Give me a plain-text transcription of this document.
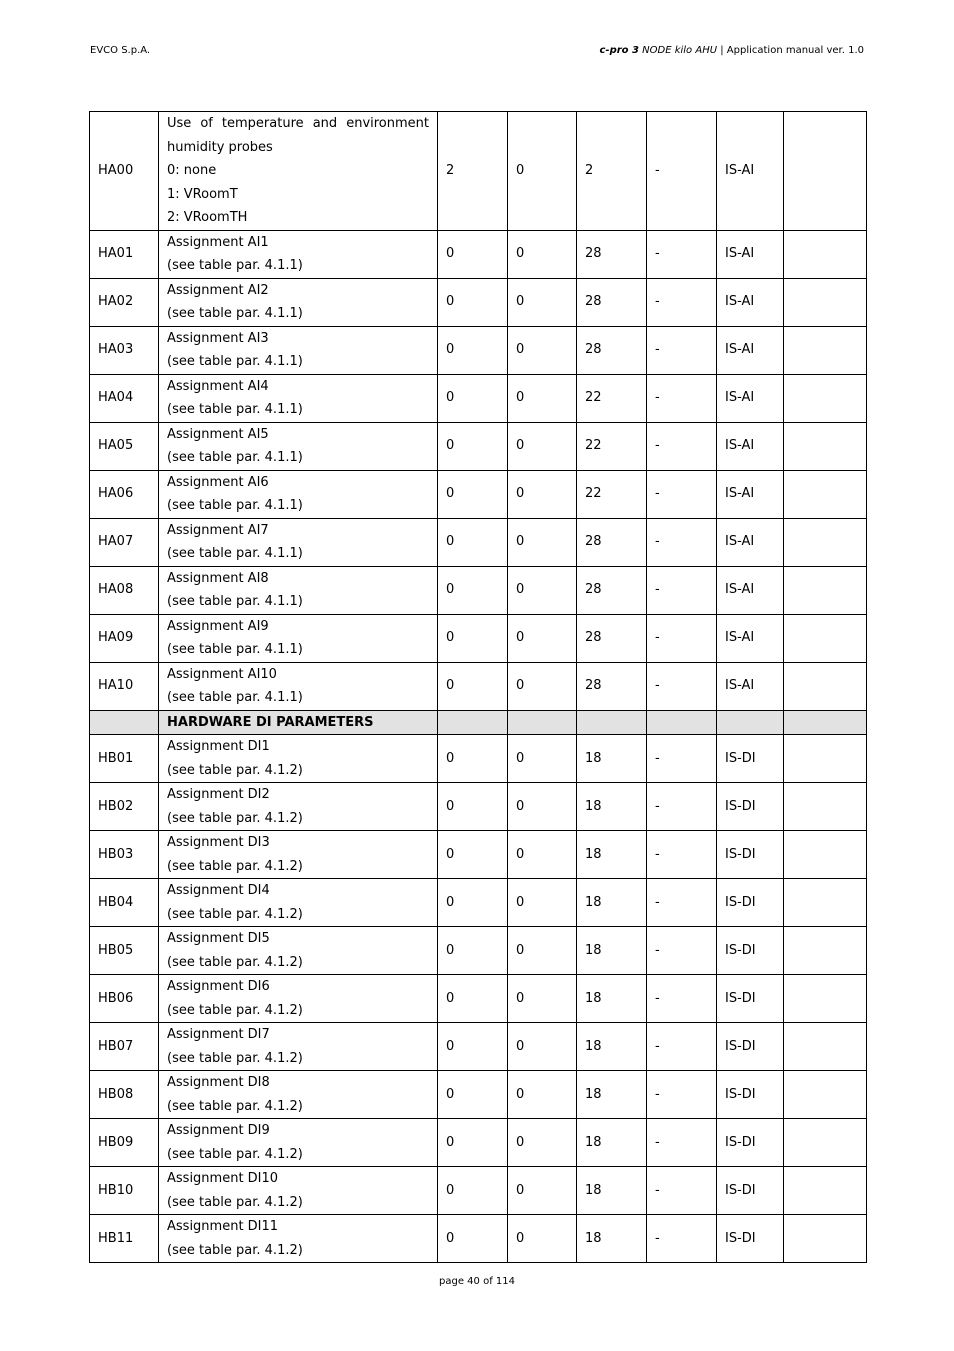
EVCO S.p.A.	c-pro 3 NODE kilo AHU | Application manual ver. 1.0
HA00	Use of temperature and environment
humidity probes
0: none
1: VRoomT
2: VRoomTH	2	0	2	-	IS-AI	
HA01	Assignment AI1
(see table par. 4.1.1)	0	0	28	-	IS-AI	
HA02	Assignment AI2
(see table par. 4.1.1)	0	0	28	-	IS-AI	
HA03	Assignment AI3
(see table par. 4.1.1)	0	0	28	-	IS-AI	
HA04	Assignment AI4
(see table par. 4.1.1)	0	0	22	-	IS-AI	
HA05	Assignment AI5
(see table par. 4.1.1)	0	0	22	-	IS-AI	
HA06	Assignment AI6
(see table par. 4.1.1)	0	0	22	-	IS-AI	
HA07	Assignment AI7
(see table par. 4.1.1)	0	0	28	-	IS-AI	
HA08	Assignment AI8
(see table par. 4.1.1)	0	0	28	-	IS-AI	
HA09	Assignment AI9
(see table par. 4.1.1)	0	0	28	-	IS-AI	
HA10	Assignment AI10
(see table par. 4.1.1)	0	0	28	-	IS-AI	
	HARDWARE DI PARAMETERS						
HB01	Assignment DI1
(see table par. 4.1.2)	0	0	18	-	IS-DI	
HB02	Assignment DI2
(see table par. 4.1.2)	0	0	18	-	IS-DI	
HB03	Assignment DI3
(see table par. 4.1.2)	0	0	18	-	IS-DI	
HB04	Assignment DI4
(see table par. 4.1.2)	0	0	18	-	IS-DI	
HB05	Assignment DI5
(see table par. 4.1.2)	0	0	18	-	IS-DI	
HB06	Assignment DI6
(see table par. 4.1.2)	0	0	18	-	IS-DI	
HB07	Assignment DI7
(see table par. 4.1.2)	0	0	18	-	IS-DI	
HB08	Assignment DI8
(see table par. 4.1.2)	0	0	18	-	IS-DI	
HB09	Assignment DI9
(see table par. 4.1.2)	0	0	18	-	IS-DI	
HB10	Assignment DI10
(see table par. 4.1.2)	0	0	18	-	IS-DI	
HB11	Assignment DI11
(see table par. 4.1.2)	0	0	18	-	IS-DI	
page 40 of 114
